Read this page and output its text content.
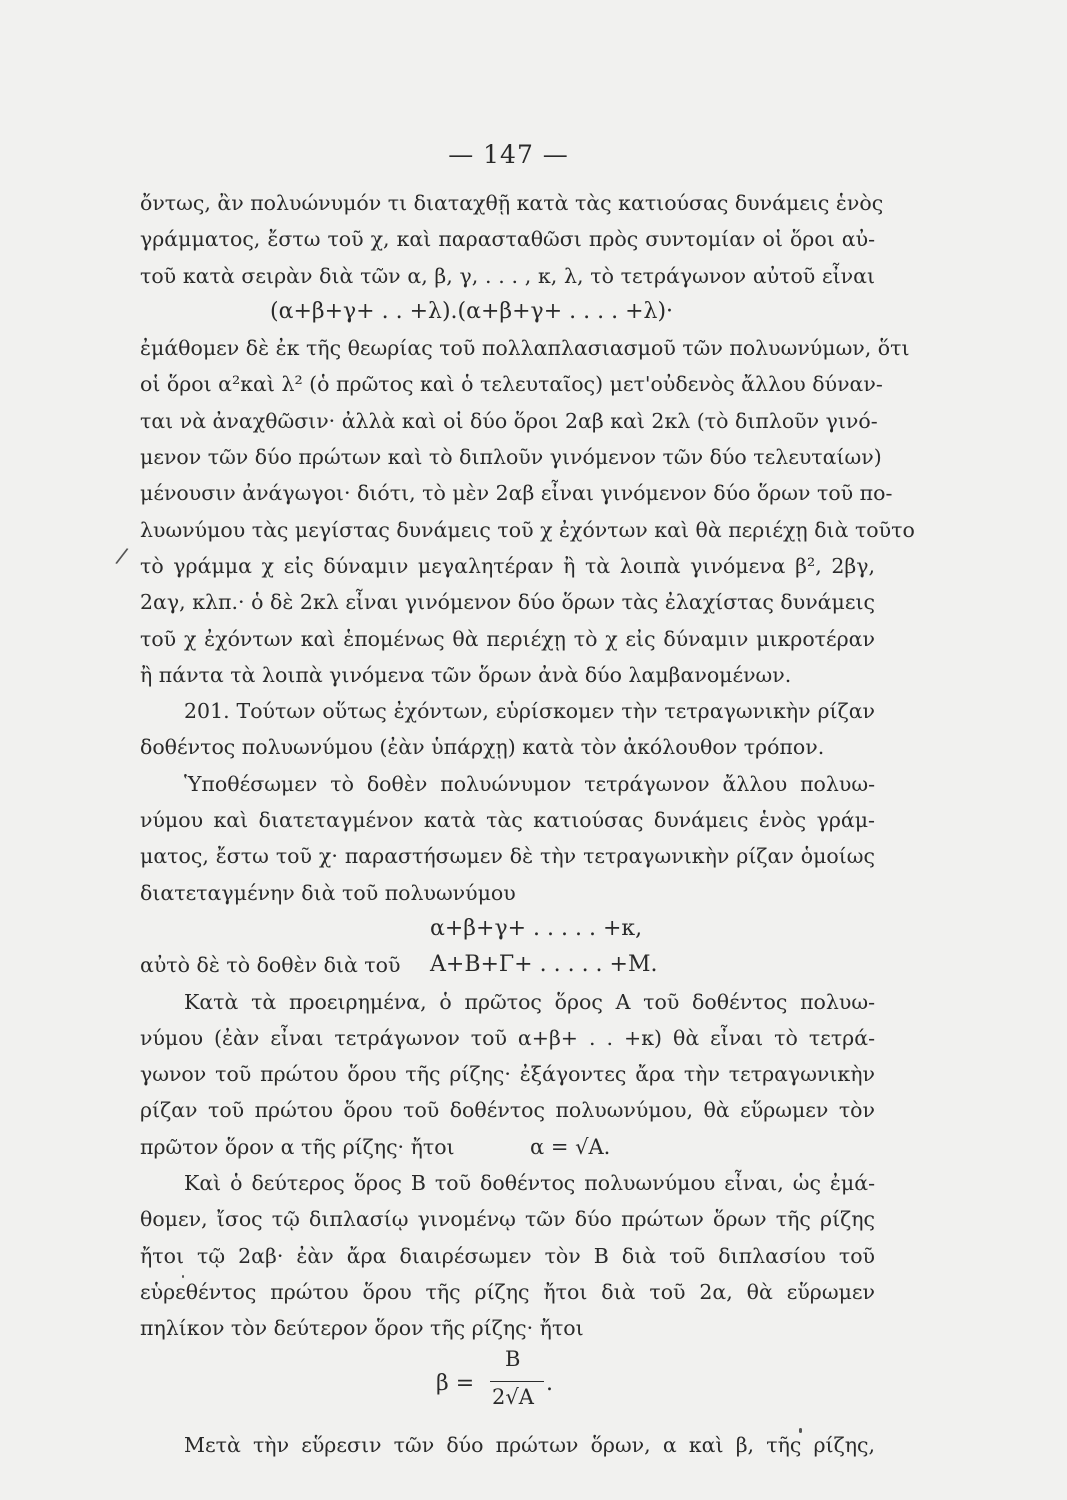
— 147 —
/
ὄντως, ἂν πολυώνυμόν τι διαταχθῇ κατὰ τὰς κατιούσας δυνάμεις ἑνὸς
γράμματος, ἔστω τοῦ χ, καὶ παρασταθῶσι πρὸς συντομίαν οἱ ὅροι αὐ-
τοῦ κατὰ σειρὰν διὰ τῶν α, β, γ, . . . , κ, λ, τὸ τετράγωνον αὐτοῦ εἶναι
(α+β+γ+ . . +λ).(α+β+γ+ . . . . +λ)·
ἐμάθομεν δὲ ἐκ τῆς θεωρίας τοῦ πολλαπλασιασμοῦ τῶν πολυωνύμων, ὅτι
οἱ ὅροι α²καὶ λ² (ὁ πρῶτος καὶ ὁ τελευταῖος) μετ'οὐδενὸς ἄλλου δύναν-
ται νὰ ἀναχθῶσιν· ἀλλὰ καὶ οἱ δύο ὅροι 2αβ καὶ 2κλ (τὸ διπλοῦν γινό-
μενον τῶν δύο πρώτων καὶ τὸ διπλοῦν γινόμενον τῶν δύο τελευταίων)
μένουσιν ἀνάγωγοι· διότι, τὸ μὲν 2αβ εἶναι γινόμενον δύο ὅρων τοῦ πο-
λυωνύμου τὰς μεγίστας δυνάμεις τοῦ χ ἐχόντων καὶ θὰ περιέχῃ διὰ τοῦτο
τὸ γράμμα χ εἰς δύναμιν μεγαλητέραν ἢ τὰ λοιπὰ γινόμενα β², 2βγ,
2αγ, κλπ.· ὁ δὲ 2κλ εἶναι γινόμενον δύο ὅρων τὰς ἐλαχίστας δυνάμεις
τοῦ χ ἐχόντων καὶ ἑπομένως θὰ περιέχῃ τὸ χ εἰς δύναμιν μικροτέραν
ἢ πάντα τὰ λοιπὰ γινόμενα τῶν ὅρων ἀνὰ δύο λαμβανομένων.
201. Τούτων οὕτως ἐχόντων, εὑρίσκομεν τὴν τετραγωνικὴν ρίζαν
δοθέντος πολυωνύμου (ἐὰν ὑπάρχῃ) κατὰ τὸν ἀκόλουθον τρόπον.
Ὑποθέσωμεν τὸ δοθὲν πολυώνυμον τετράγωνον ἄλλου πολυω-
νύμου καὶ διατεταγμένον κατὰ τὰς κατιούσας δυνάμεις ἑνὸς γράμ-
ματος, ἔστω τοῦ χ· παραστήσωμεν δὲ τὴν τετραγωνικὴν ρίζαν ὁμοίως
διατεταγμένην διὰ τοῦ πολυωνύμου
α+β+γ+ . . . . . +κ,
αὐτὸ δὲ τὸ δοθὲν διὰ τοῦ Α+Β+Γ+ . . . . . +Μ.
Κατὰ τὰ προειρημένα, ὁ πρῶτος ὅρος Α τοῦ δοθέντος πολυω-
νύμου (ἐὰν εἶναι τετράγωνον τοῦ α+β+ . . +κ) θὰ εἶναι τὸ τετρά-
γωνον τοῦ πρώτου ὅρου τῆς ρίζης· ἐξάγοντες ἄρα τὴν τετραγωνικὴν
ρίζαν τοῦ πρώτου ὅρου τοῦ δοθέντος πολυωνύμου, θὰ εὕρωμεν τὸν
πρῶτον ὅρον α τῆς ρίζης· ἤτοι	α = √Α.
Καὶ ὁ δεύτερος ὅρος Β τοῦ δοθέντος πολυωνύμου εἶναι, ὡς ἐμά-
θομεν, ἴσος τῷ διπλασίῳ γινομένῳ τῶν δύο πρώτων ὅρων τῆς ρίζης
ἤτοι τῷ 2αβ· ἐὰν ἄρα διαιρέσωμεν τὸν Β διὰ τοῦ διπλασίου τοῦ
εὑρεθέντος πρώτου ὅρου τῆς ρίζης ἤτοι διὰ τοῦ 2α, θὰ εὕρωμεν
πηλίκον τὸν δεύτερον ὅρον τῆς ρίζης· ἤτοι
β =
Β
2√Α
.
Μετὰ τὴν εὕρεσιν τῶν δύο πρώτων ὅρων, α καὶ β, τῆς ρίζης,
